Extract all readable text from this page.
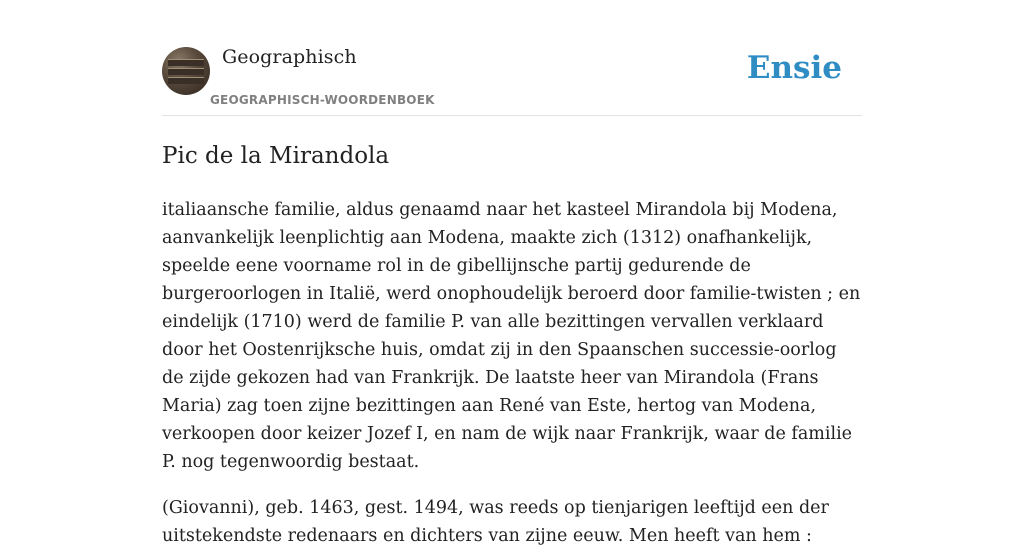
Geographisch
GEOGRAPHISCH-WOORDENBOEK
Ensie
Pic de la Mirandola

italiaansche familie, aldus genaamd naar het kasteel Mirandola bij Modena, aanvankelijk leenplichtig aan Modena, maakte zich (1312) onafhankelijk, speelde eene voorname rol in de gibellijnsche partij gedurende de burgeroorlogen in Italië, werd onophoudelijk beroerd door familie-twisten ; en eindelijk (1710) werd de familie P. van alle bezittingen vervallen verklaard door het Oostenrijksche huis, omdat zij in den Spaanschen successie-oorlog de zijde gekozen had van Frankrijk. De laatste heer van Mirandola (Frans Maria) zag toen zijne bezittingen aan René van Este, hertog van Modena, verkoopen door keizer Jozef I, en nam de wijk naar Frankrijk, waar de familie P. nog tegenwoordig bestaat.

(Giovanni), geb. 1463, gest. 1494, was reeds op tienjarigen leeftijd een der uitstekendste redenaars en dichters van zijne eeuw. Men heeft van hem :
